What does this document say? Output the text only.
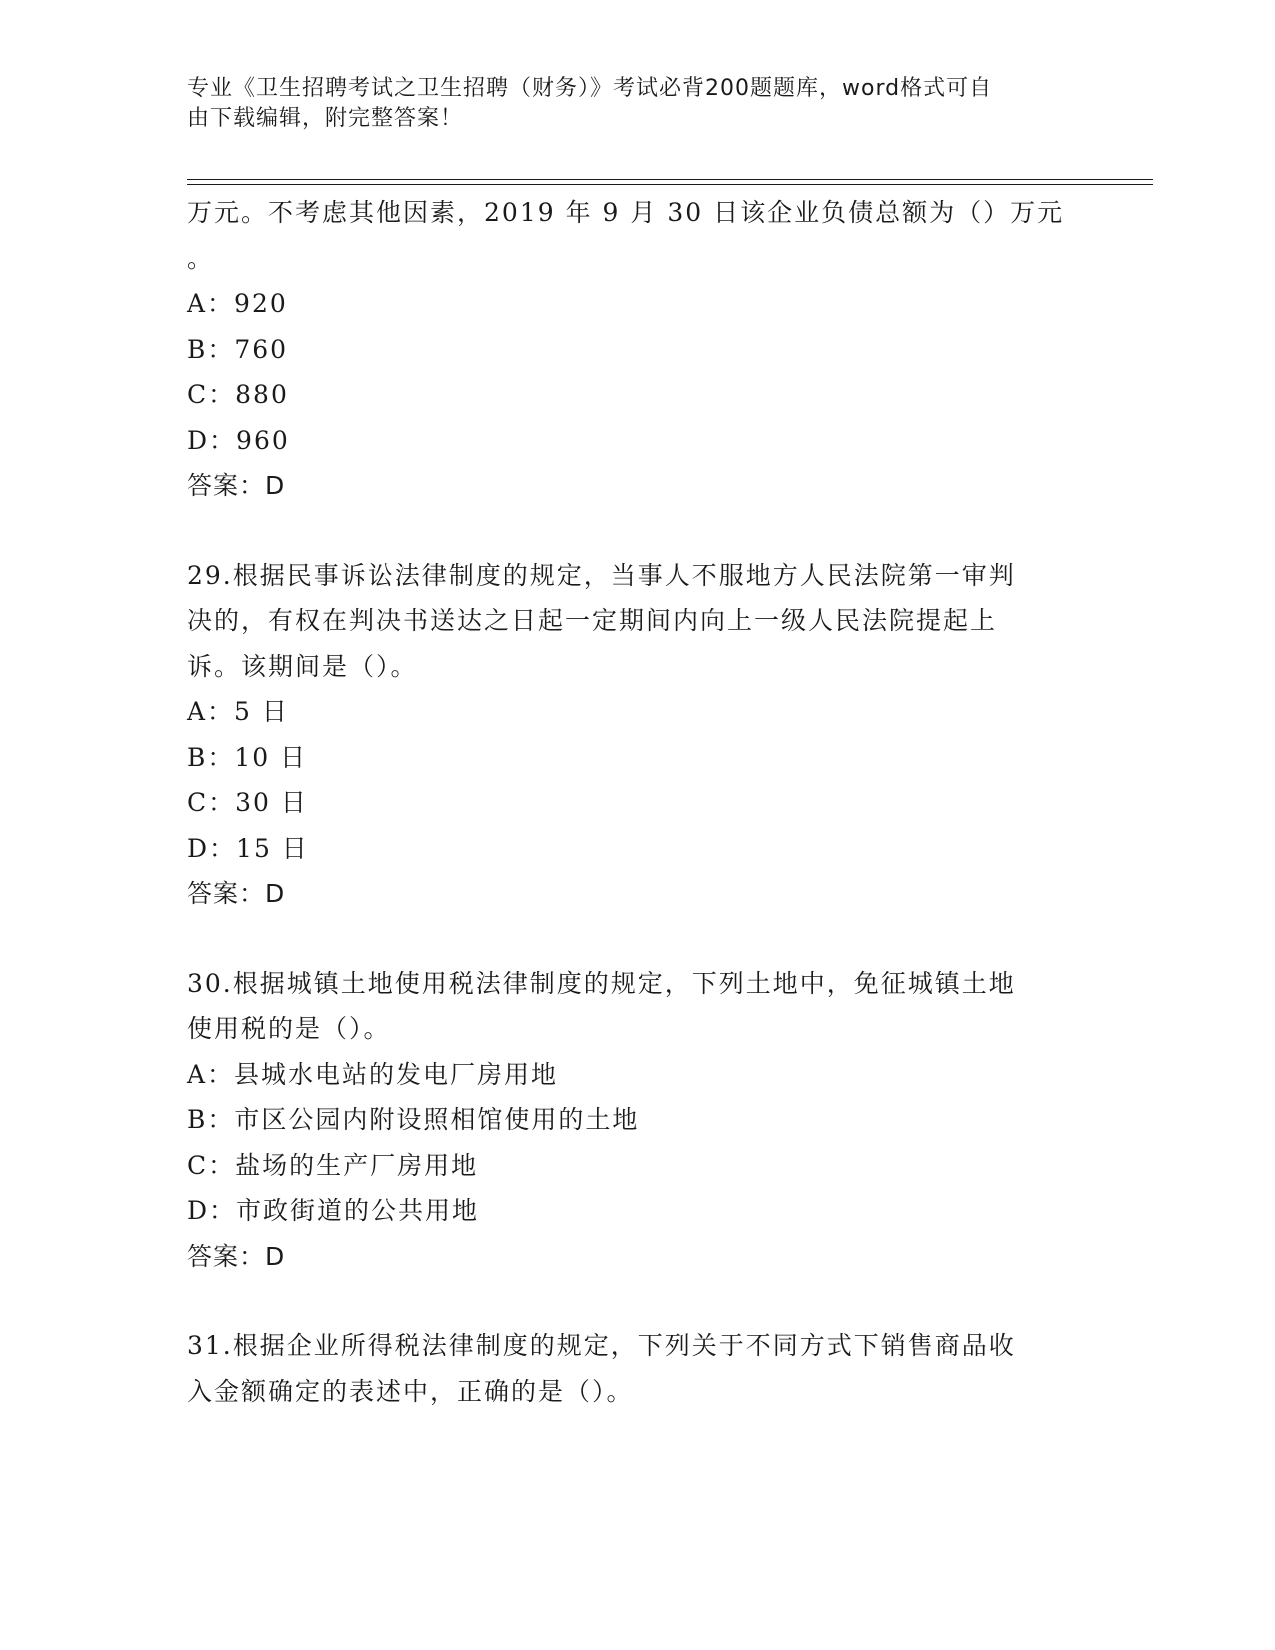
专业《卫生招聘考试之卫生招聘（财务）》考试必背200题题库，word格式可自
由下载编辑，附完整答案！
万元。不考虑其他因素，2019 年 9 月 30 日该企业负债总额为（）万元
。
A：920
B：760
C：880
D：960
答案：D
29.根据民事诉讼法律制度的规定，当事人不服地方人民法院第一审判
决的，有权在判决书送达之日起一定期间内向上一级人民法院提起上
诉。该期间是（）。
A：5 日
B：10 日
C：30 日
D：15 日
答案：D
30.根据城镇土地使用税法律制度的规定，下列土地中，免征城镇土地
使用税的是（）。
A：县城水电站的发电厂房用地
B：市区公园内附设照相馆使用的土地
C：盐场的生产厂房用地
D：市政街道的公共用地
答案：D
31.根据企业所得税法律制度的规定，下列关于不同方式下销售商品收
入金额确定的表述中，正确的是（）。
